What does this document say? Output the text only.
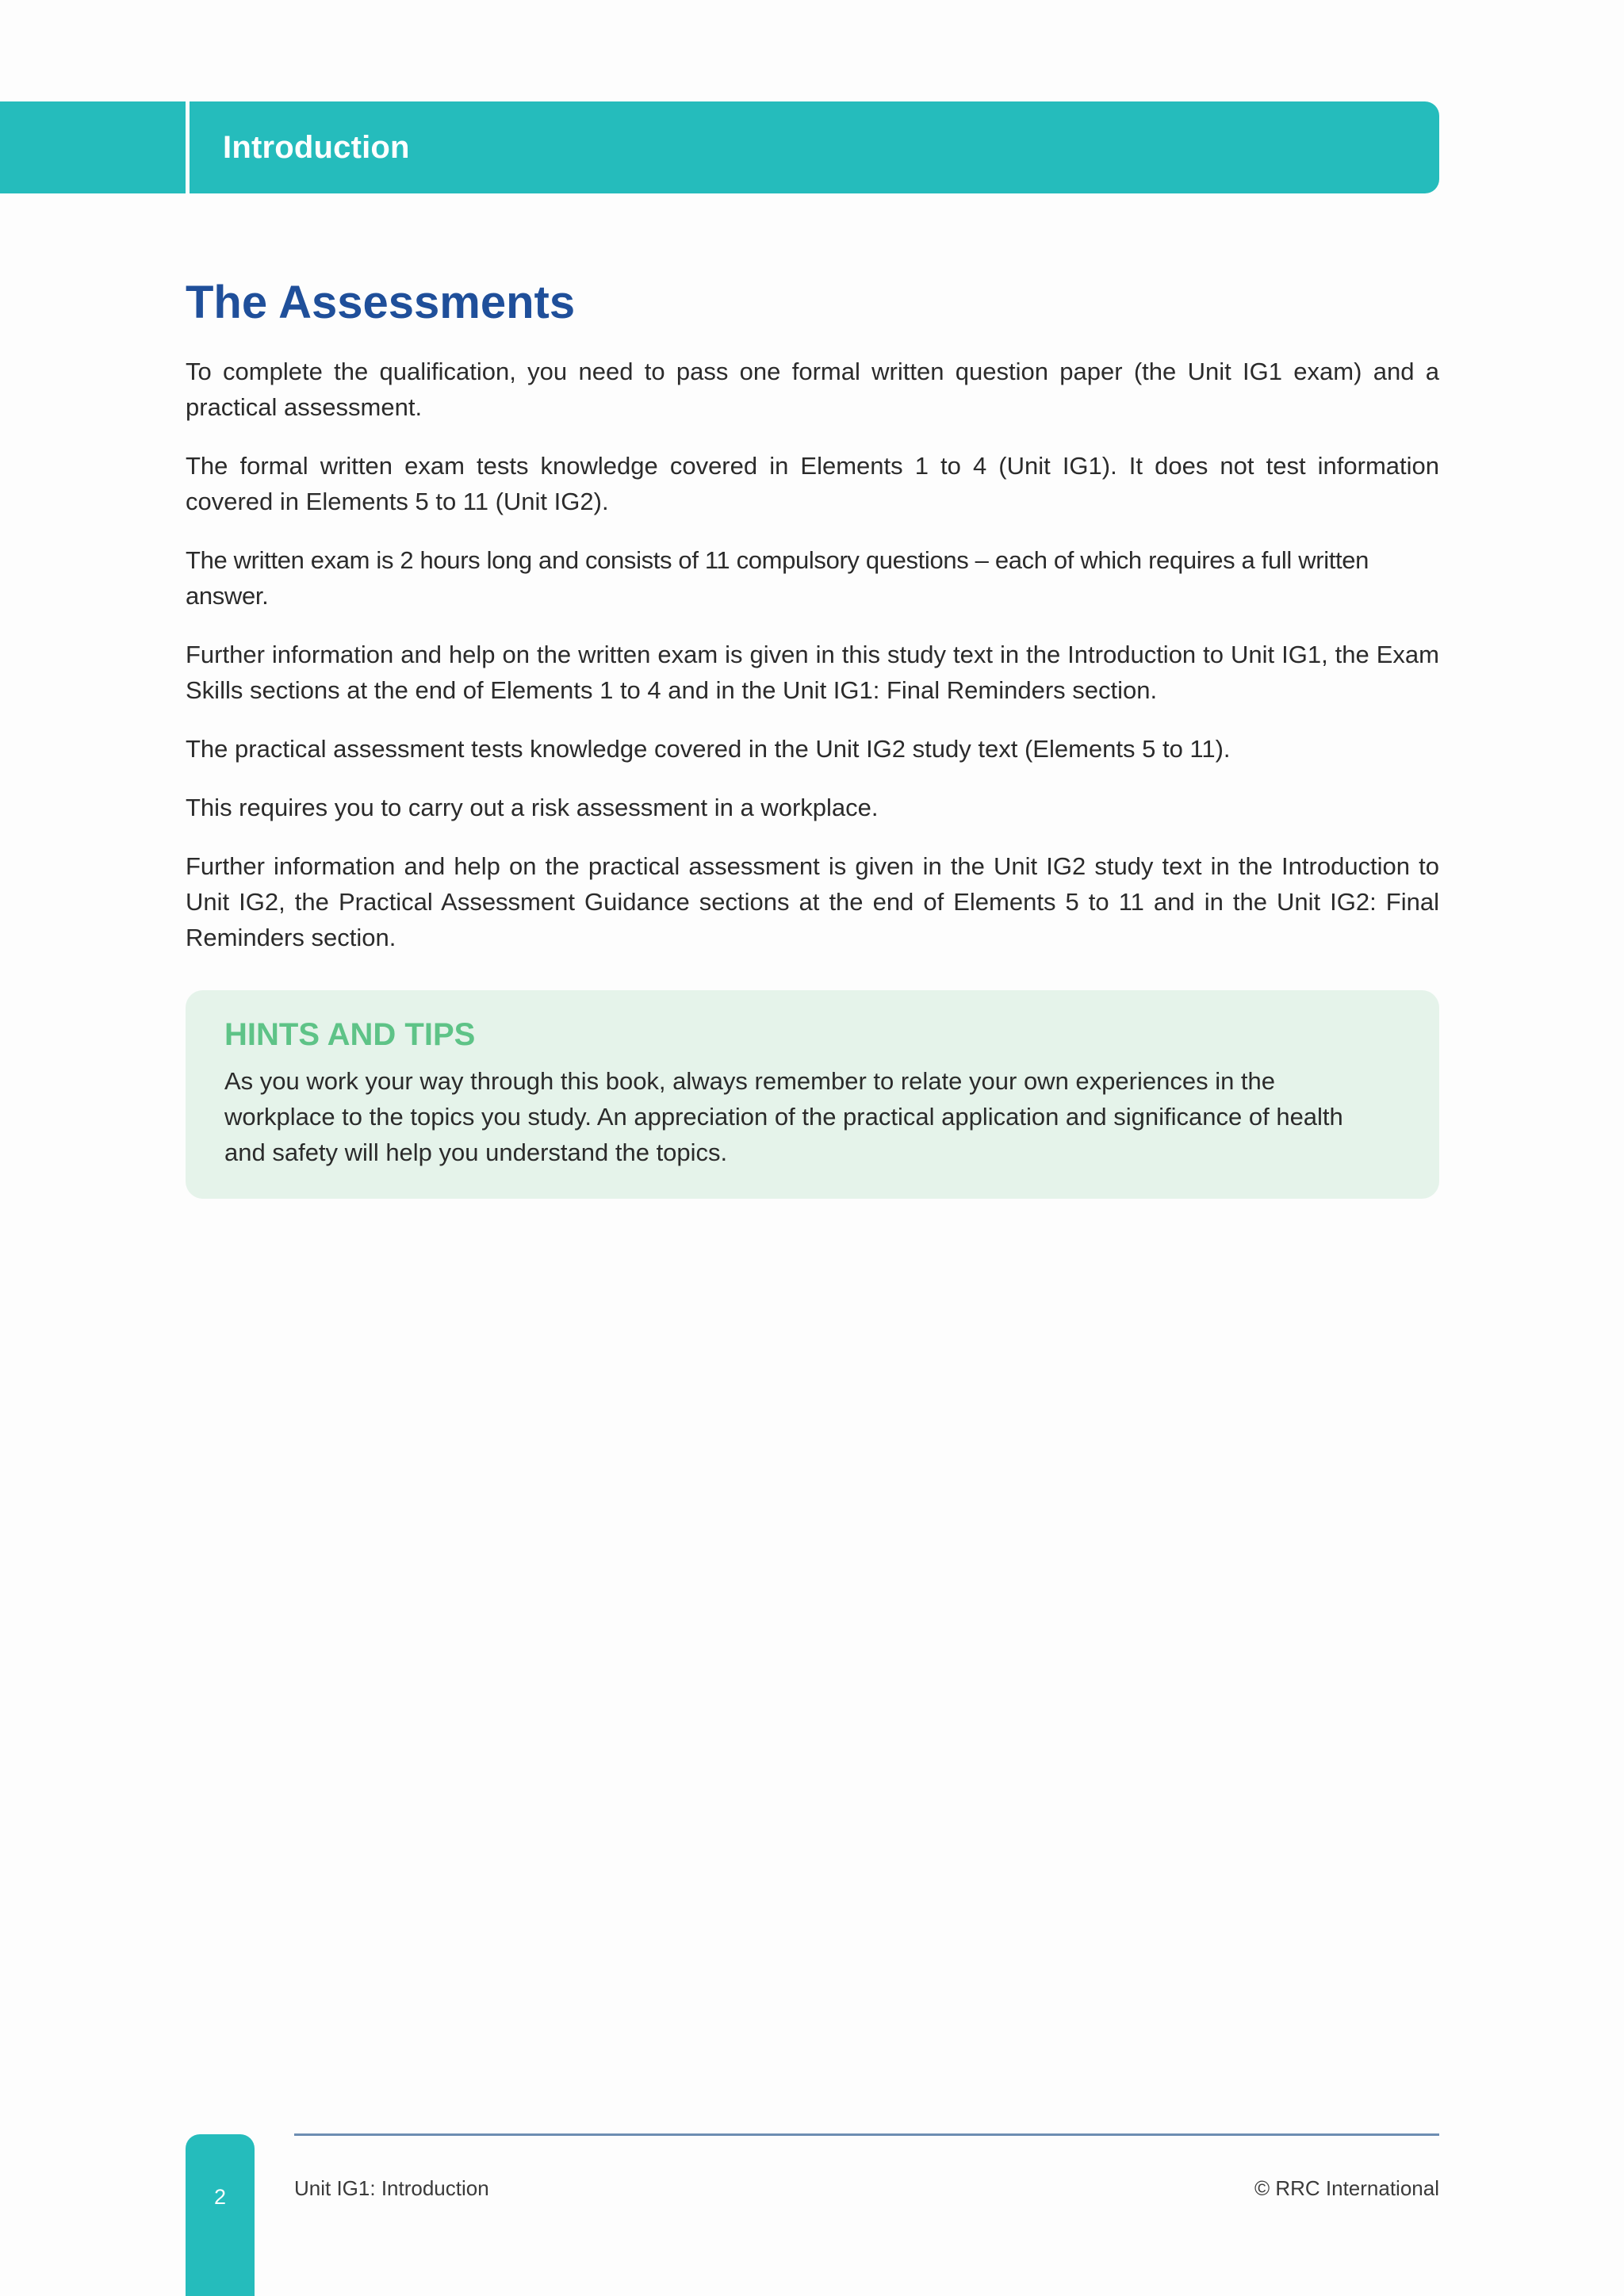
Introduction
The Assessments

To complete the qualification, you need to pass one formal written question paper (the Unit IG1 exam) and a practical assessment.

The formal written exam tests knowledge covered in Elements 1 to 4 (Unit IG1). It does not test information covered in Elements 5 to 11 (Unit IG2).

The written exam is 2 hours long and consists of 11 compulsory questions – each of which requires a full written answer.

Further information and help on the written exam is given in this study text in the Introduction to Unit IG1, the Exam Skills sections at the end of Elements 1 to 4 and in the Unit IG1: Final Reminders section.

The practical assessment tests knowledge covered in the Unit IG2 study text (Elements 5 to 11).

This requires you to carry out a risk assessment in a workplace.

Further information and help on the practical assessment is given in the Unit IG2 study text in the Introduction to Unit IG2, the Practical Assessment Guidance sections at the end of Elements 5 to 11 and in the Unit IG2: Final Reminders section.

HINTS AND TIPS

As you work your way through this book, always remember to relate your own experiences in the workplace to the topics you study. An appreciation of the practical application and significance of health and safety will help you understand the topics.

2	Unit IG1: Introduction	© RRC International
